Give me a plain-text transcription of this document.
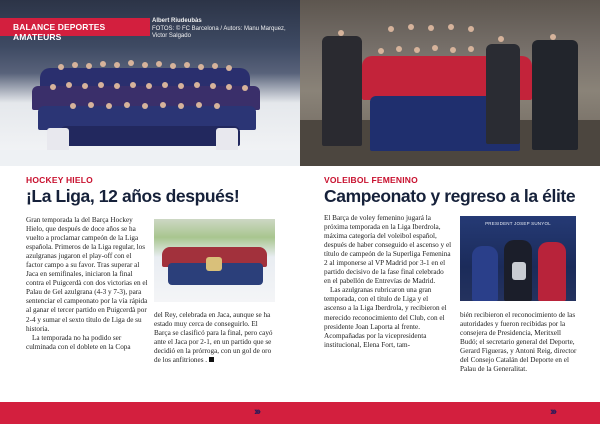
BALANCE DEPORTES AMATEURS
Albert Riudeubàs
FOTOS: © FC Barcelona / Autors: Manu Marquez, Victor Salgado
HOCKEY HIELO
¡La Liga, 12 años después!

Gran temporada la del Barça Hockey Hielo, que después de doce años se ha vuelto a proclamar campeón de la Liga española. Primeros de la Liga regular, los azulgranas jugaron el play-off con el factor campo a su favor. Tras superar al Jaca en semifinales, iniciaron la final contra el Puigcerdà con dos victorias en el Palau de Gel azulgrana (4-3 y 7-3), para sentenciar el campeonato por la vía rápida al ganar el tercer partido en Puigcerdà por 2-4 y sumar el sexto título de Liga de su historia.

La temporada no ha podido ser culminada con el doblete en la Copa

del Rey, celebrada en Jaca, aunque se ha estado muy cerca de conseguirlo. El Barça se clasificó para la final, pero cayó ante el Jaca por 2-1, en un partido que se decidió en la prórroga, con un gol de oro de los anfitriones .

›››
VOLEIBOL FEMENINO
Campeonato y regreso a la élite

El Barça de voley femenino jugará la próxima temporada en la Liga Iberdrola, máxima categoría del voleibol español, después de haber conseguido el ascenso y el título de campeón de la Superliga Femenina 2 al imponerse al VP Madrid por 3-1 en el partido decisivo de la fase final celebrado en el pabellón de Entrevías de Madrid.

Las azulgranas rubricaron una gran temporada, con el título de Liga y el ascenso a la Liga Iberdrola, y recibieron el merecido reconocimiento del Club, con el presidente Joan Laporta al frente. Acompañadas por la vicepresidenta institucional, Elena Fort, tam-

PRESIDENT JOSEP SUNYOL

bién recibieron el reconocimiento de las autoridades y fueron recibidas por la consejera de Presidencia, Meritxell Budó; el secretario general del Deporte, Gerard Figueras, y Antoni Reig, director del Consejo Catalán del Deporte en el Palau de la Generalitat.

›››
